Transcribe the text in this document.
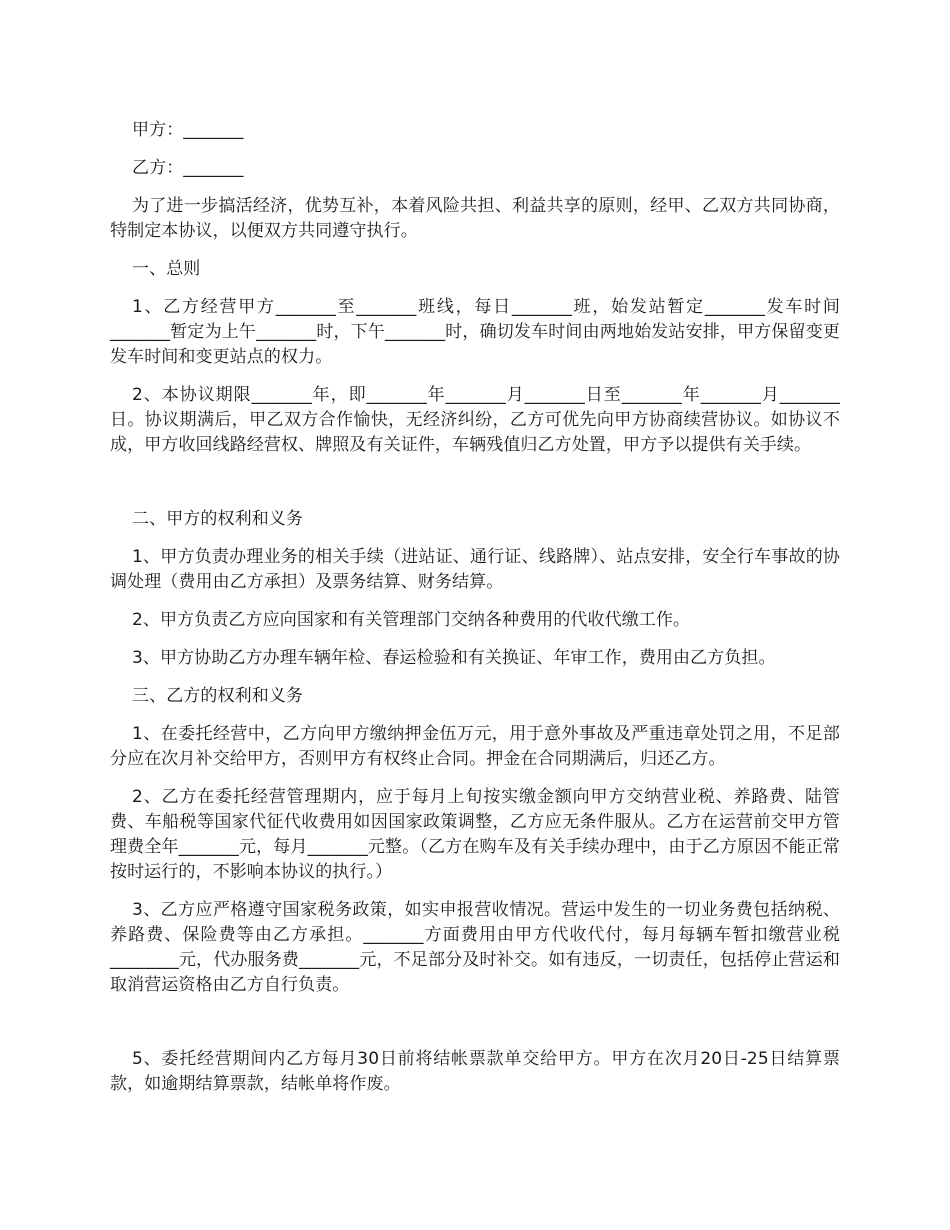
甲方：_______

乙方：_______

为了进一步搞活经济，优势互补，本着风险共担、利益共享的原则，经甲、乙双方共同协商，特制定本协议，以便双方共同遵守执行。

一、总则

1、乙方经营甲方_______至_______班线，每日_______班，始发站暂定_______发车时间_______暂定为上午_______时，下午_______时，确切发车时间由两地始发站安排，甲方保留变更发车时间和变更站点的权力。

2、本协议期限_______年，即_______年_______月_______日至_______年_______月_______日。协议期满后，甲乙双方合作愉快，无经济纠纷，乙方可优先向甲方协商续营协议。如协议不成，甲方收回线路经营权、牌照及有关证件，车辆残值归乙方处置，甲方予以提供有关手续。

二、甲方的权利和义务

1、甲方负责办理业务的相关手续（进站证、通行证、线路牌）、站点安排，安全行车事故的协调处理（费用由乙方承担）及票务结算、财务结算。

2、甲方负责乙方应向国家和有关管理部门交纳各种费用的代收代缴工作。

3、甲方协助乙方办理车辆年检、春运检验和有关换证、年审工作，费用由乙方负担。

三、乙方的权利和义务

1、在委托经营中，乙方向甲方缴纳押金伍万元，用于意外事故及严重违章处罚之用，不足部分应在次月补交给甲方，否则甲方有权终止合同。押金在合同期满后，归还乙方。

2、乙方在委托经营管理期内，应于每月上旬按实缴金额向甲方交纳营业税、养路费、陆管费、车船税等国家代征代收费用如因国家政策调整，乙方应无条件服从。乙方在运营前交甲方管理费全年_______元，每月_______元整。（乙方在购车及有关手续办理中，由于乙方原因不能正常按时运行的，不影响本协议的执行。）

3、乙方应严格遵守国家税务政策，如实申报营收情况。营运中发生的一切业务费包括纳税、养路费、保险费等由乙方承担。_______方面费用由甲方代收代付，每月每辆车暂扣缴营业税________元，代办服务费_______元，不足部分及时补交。如有违反，一切责任，包括停止营运和取消营运资格由乙方自行负责。

5、委托经营期间内乙方每月30日前将结帐票款单交给甲方。甲方在次月20日-25日结算票款，如逾期结算票款，结帐单将作废。
